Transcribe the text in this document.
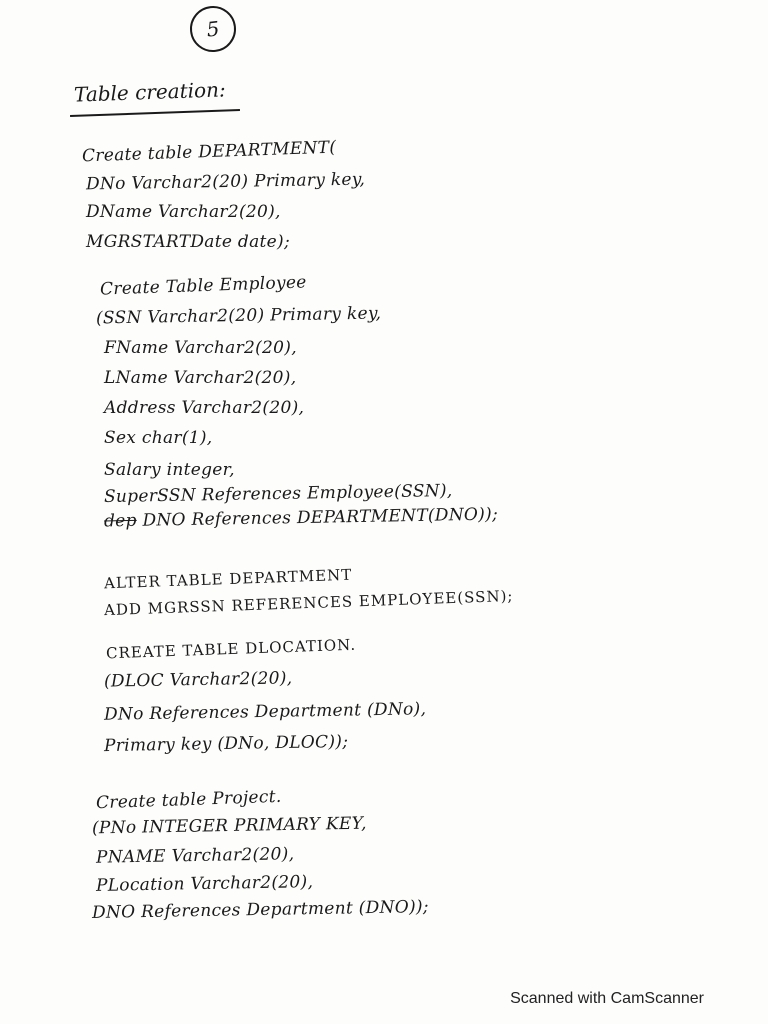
5
Table creation:
Create table DEPARTMENT(
DNo Varchar2(20) Primary key,
DName Varchar2(20),
MGRSTARTDate date);
Create Table Employee
(SSN Varchar2(20) Primary key,
FName Varchar2(20),
LName Varchar2(20),
Address Varchar2(20),
Sex char(1),
Salary integer,
SuperSSN References Employee(SSN),
dep DNO References DEPARTMENT(DNO));
ALTER TABLE DEPARTMENT
ADD MGRSSN REFERENCES EMPLOYEE(SSN);
CREATE TABLE DLOCATION.
(DLOC Varchar2(20),
DNo References Department (DNo),
Primary key (DNo, DLOC));
Create table Project.
(PNo INTEGER PRIMARY KEY,
PNAME Varchar2(20),
PLocation Varchar2(20),
DNO References Department (DNO));
Scanned with CamScanner
